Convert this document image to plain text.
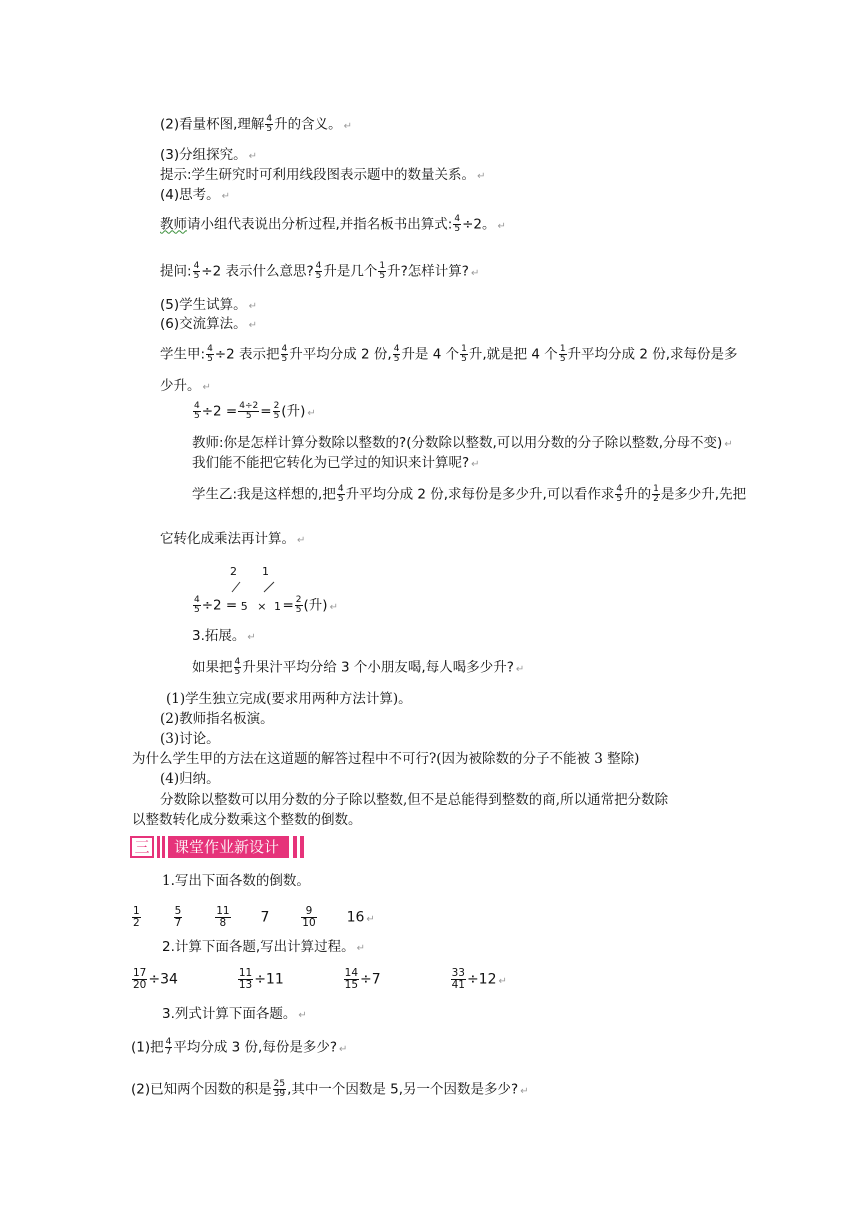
(2)看量杯图,理解 $\frac{4}{5}$ 升的含义。 ↵
(3)分组探究。 ↵
提示:学生研究时可利用线段图表示题中的数量关系。 ↵
(4)思考。 ↵
教师请小组代表说出分析过程,并指名板书出算式: $\frac{4}{5} \div 2$。 ↵
提问: $\frac{4}{5} \div 2$ 表示什么意思? $\frac{4}{5}$ 升是几个 $\frac{1}{5}$ 升?怎样计算? ↵
(5)学生试算。 ↵
(6)交流算法。 ↵
学生甲: $\frac{4}{5} \div 2$ 表示把 $\frac{4}{5}$ 升平均分成 2 份, $\frac{4}{5}$ 升是 4 个 $\frac{1}{5}$ 升,就是把 4 个 $\frac{1}{5}$ 升平均分成 2 份,求每份是多
少升。 ↵
$\frac{4}{5} \div 2 = \frac{4\div 2}{5} = \frac{2}{5}$ (升) ↵
教师:你是怎样计算分数除以整数的?(分数除以整数,可以用分数的分子除以整数,分母不变) ↵
我们能不能把它转化为已学过的知识来计算呢? ↵
学生乙:我是这样想的,把 $\frac{4}{5}$ 升平均分成 2 份,求每份是多少升,可以看作求 $\frac{4}{5}$ 升的 $\frac{1}{2}$ 是多少升,先把
它转化成乘法再计算。 ↵
2 1
$\frac{4}{5} \div 2 = 5 \times 1 = \frac{2}{5}$ (升) ↵
3.拓展。 ↵
如果把 $\frac{4}{5}$ 升果汁平均分给 3 个小朋友喝,每人喝多少升? ↵
(1)学生独立完成(要求用两种方法计算)。
(2)教师指名板演。
(3)讨论。
为什么学生甲的方法在这道题的解答过程中不可行?(因为被除数的分子不能被 3 整除)
(4)归纳。
分数除以整数可以用分数的分子除以整数,但不是总能得到整数的商,所以通常把分数除
以整数转化成分数乘这个整数的倒数。
三	课堂作业新设计
1.写出下面各数的倒数。
$\frac{1}{2}$
	$\frac{5}{7}$
	$\frac{11}{8} 7$	$\frac{9}{10} 16$ ↵
2.计算下面各题,写出计算过程。 ↵
$\frac{17}{20} \div 34$	$\frac{11}{13} \div 11$	$\frac{14}{15} \div 7$	$\frac{33}{41} \div 12$ ↵
3.列式计算下面各题。 ↵
(1)把 $\frac{4}{7}$ 平均分成 3 份,每份是多少? ↵
(2)已知两个因数的积是 $\frac{25}{39}$ ,其中一个因数是 5,另一个因数是多少? ↵
